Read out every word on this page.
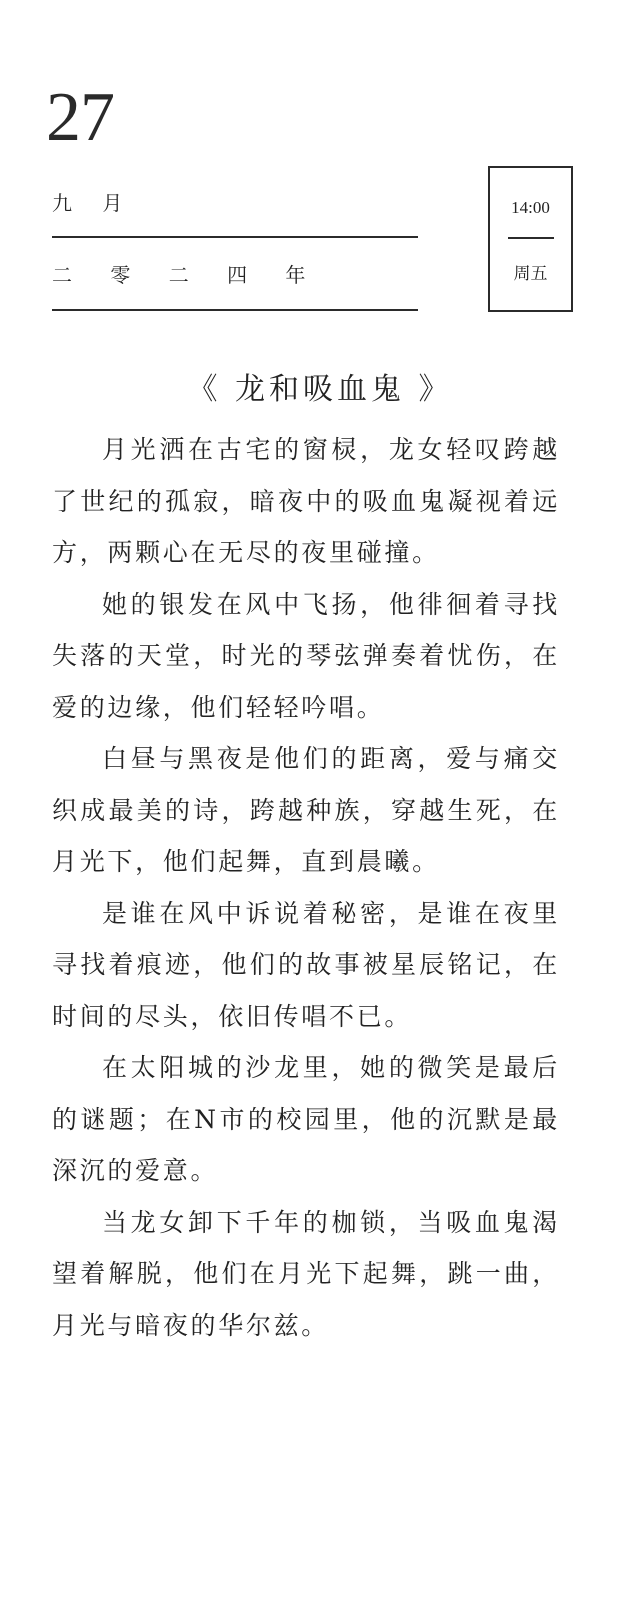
27
九 月
二 零 二 四 年
14:00
周五
《 龙和吸血鬼 》

月光洒在古宅的窗棂，龙女轻叹跨越了世纪的孤寂，暗夜中的吸血鬼凝视着远方，两颗心在无尽的夜里碰撞。

她的银发在风中飞扬，他徘徊着寻找失落的天堂，时光的琴弦弹奏着忧伤，在爱的边缘，他们轻轻吟唱。

白昼与黑夜是他们的距离，爱与痛交织成最美的诗，跨越种族，穿越生死，在月光下，他们起舞，直到晨曦。

是谁在风中诉说着秘密，是谁在夜里寻找着痕迹，他们的故事被星辰铭记，在时间的尽头，依旧传唱不已。

在太阳城的沙龙里，她的微笑是最后的谜题；在N市的校园里，他的沉默是最深沉的爱意。

当龙女卸下千年的枷锁，当吸血鬼渴望着解脱，他们在月光下起舞，跳一曲，月光与暗夜的华尔兹。
